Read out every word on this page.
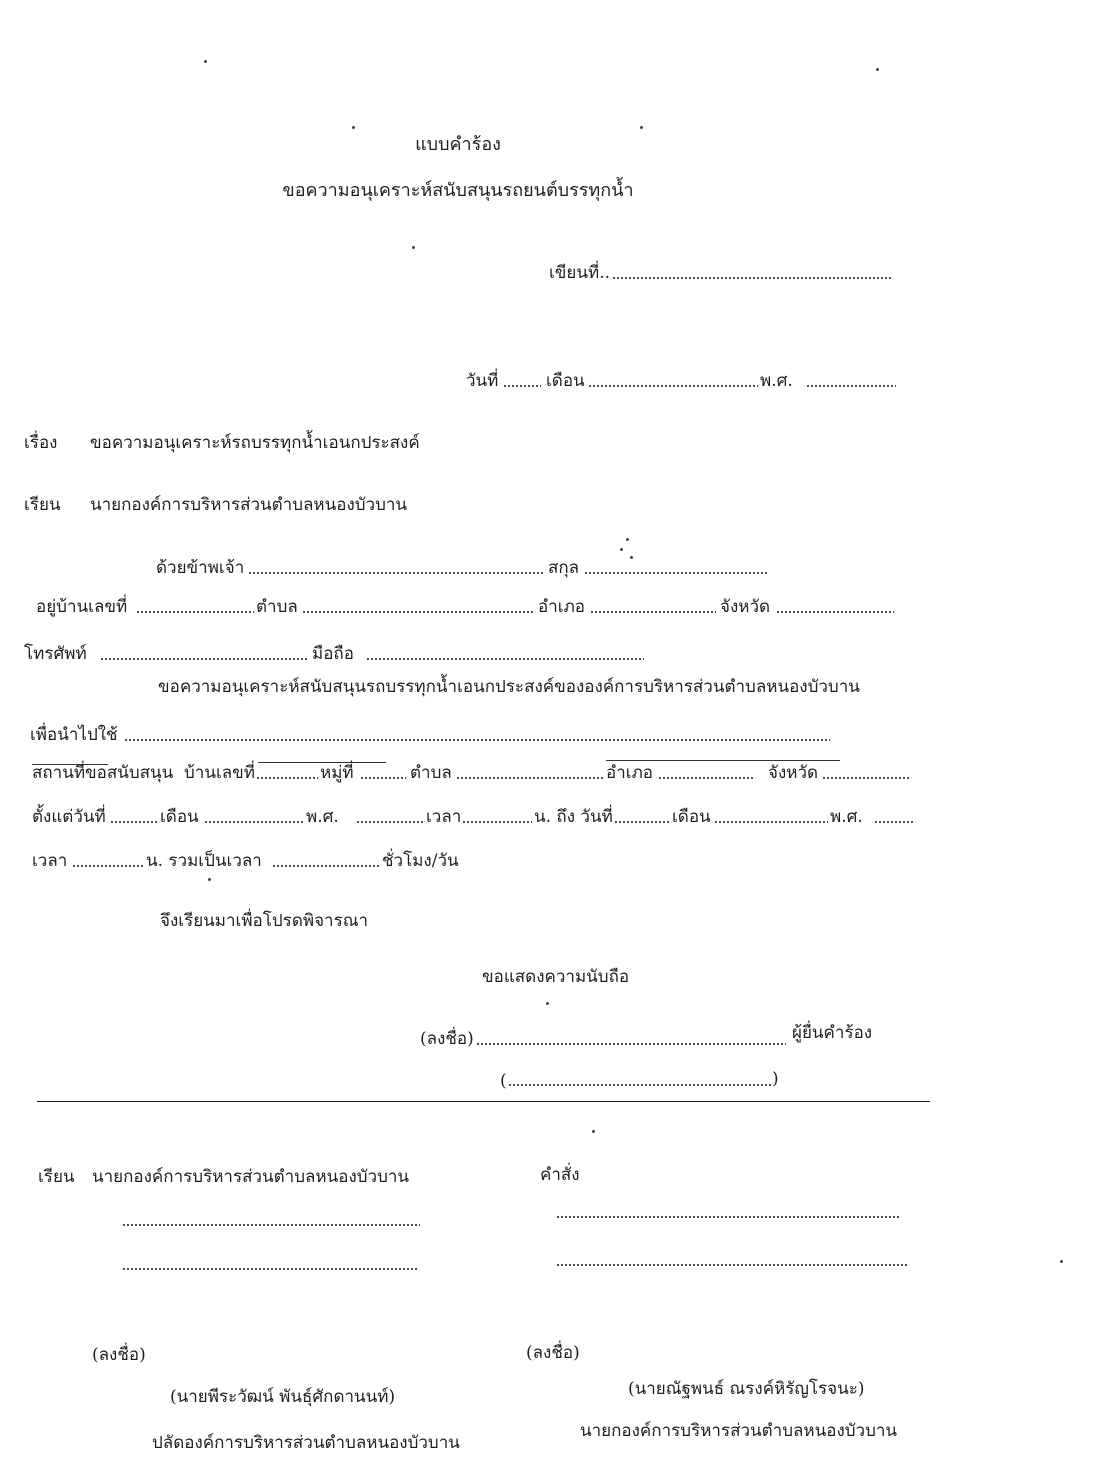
แบบคำร้อง
ขอความอนุเคราะห์สนับสนุนรถยนต์บรรทุกน้ำ
เขียนที่..
วันที่	เดือน	พ.ศ.
เรื่อง ขอความอนุเคราะห์รถบรรทุกน้ำเอนกประสงค์
เรียน นายกองค์การบริหารส่วนตำบลหนองบัวบาน
ด้วยข้าพเจ้า	สกุล
อยู่บ้านเลขที่	ตำบล	อำเภอ	จังหวัด
โทรศัพท์	มือถือ
ขอความอนุเคราะห์สนับสนุนรถบรรทุกน้ำเอนกประสงค์ขององค์การบริหารส่วนตำบลหนองบัวบาน
เพื่อนำไปใช้
สถานที่ขอสนับสนุน บ้านเลขที่	หมู่ที่	ตำบล	อำเภอ	จังหวัด
ตั้งแต่วันที่	เดือน	พ.ศ.	เวลา	น. ถึง วันที่	เดือน	พ.ศ.
เวลา	น. รวมเป็นเวลา	ชั่วโมง/วัน
จึงเรียนมาเพื่อโปรดพิจารณา
ขอแสดงความนับถือ
(ลงชื่อ)	ผู้ยื่นคำร้อง
(	)
เรียน นายกองค์การบริหารส่วนตำบลหนองบัวบาน	คำสั่ง
(ลงชื่อ)	(ลงชื่อ)
(นายพีระวัฒน์ พันธุ์ศักดานนท์)	(นายณัฐพนธ์ ณรงค์หิรัญโรจนะ)
ปลัดองค์การบริหารส่วนตำบลหนองบัวบาน
นายกองค์การบริหารส่วนตำบลหนองบัวบาน
